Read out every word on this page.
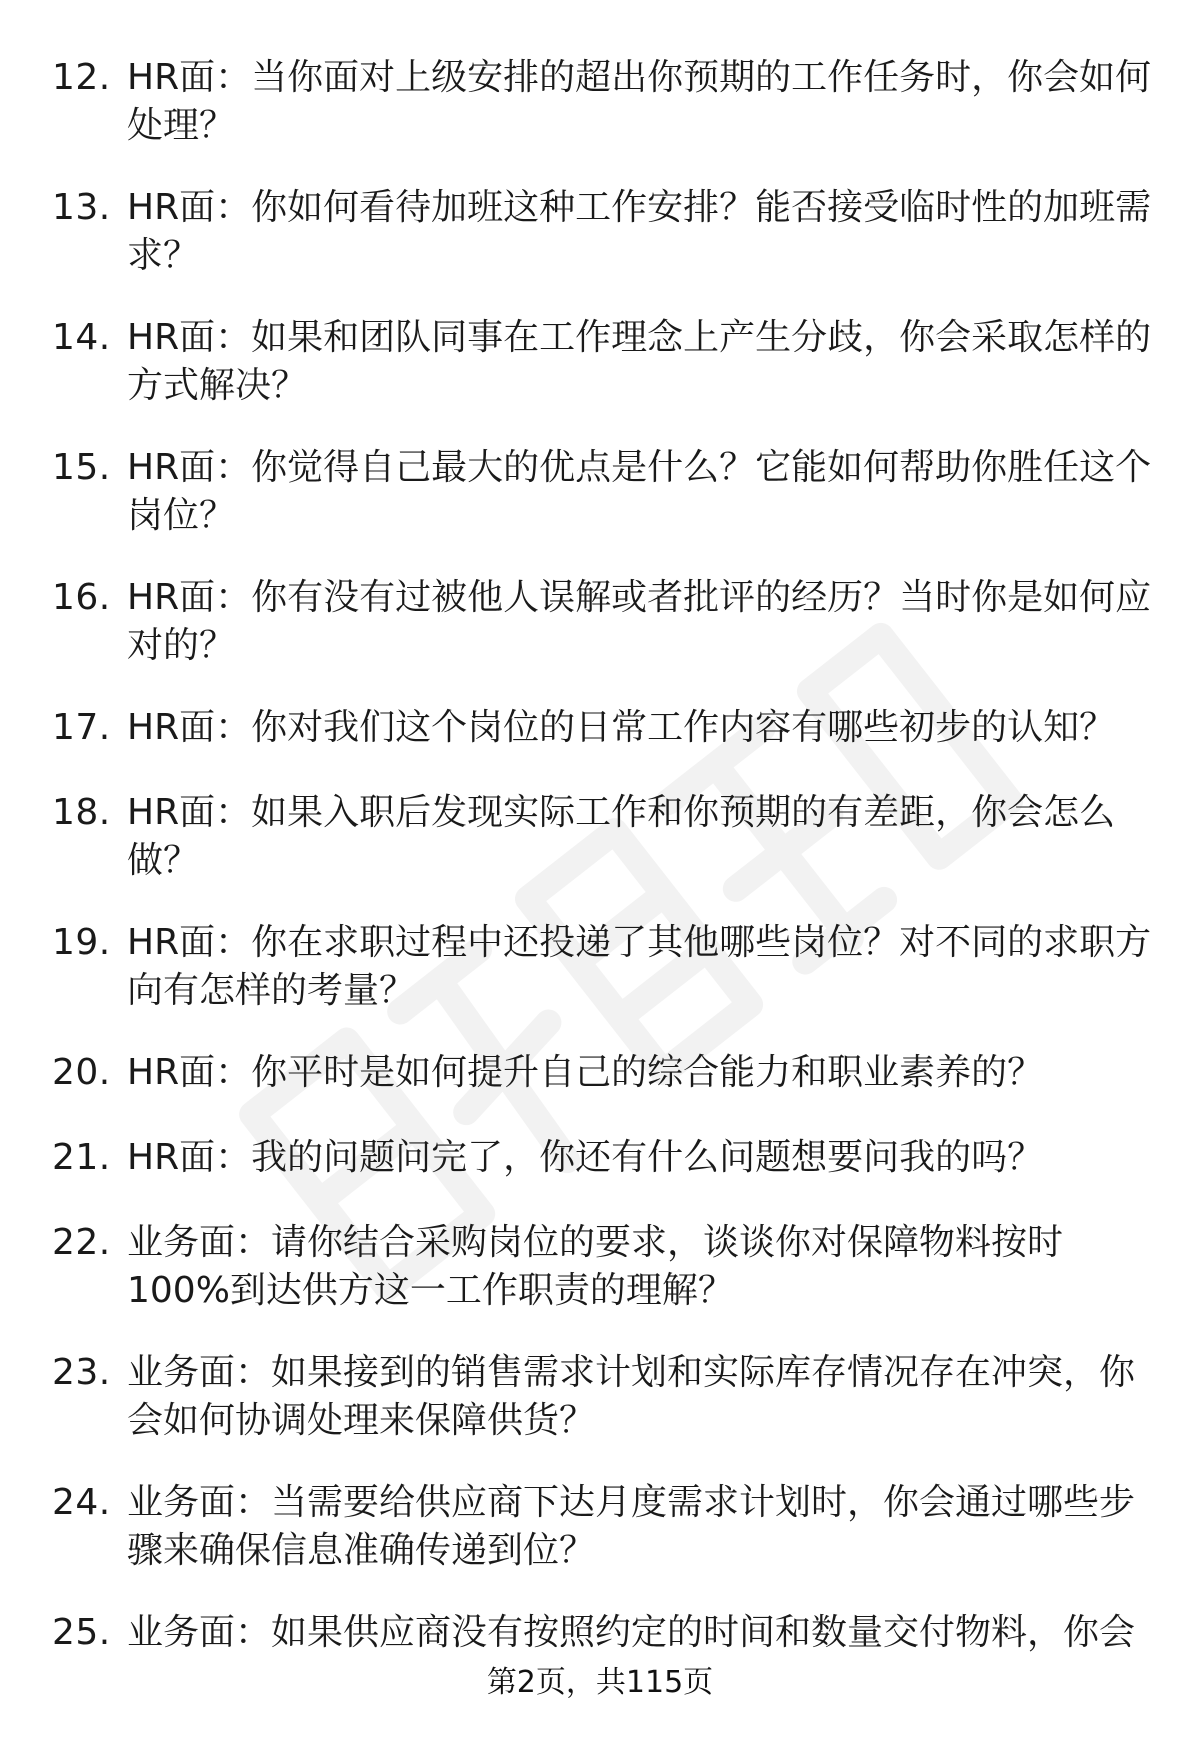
12. HR面：当你面对上级安排的超出你预期的工作任务时，你会如何
处理？
13. HR面：你如何看待加班这种工作安排？能否接受临时性的加班需
求？
14. HR面：如果和团队同事在工作理念上产生分歧，你会采取怎样的
方式解决？
15. HR面：你觉得自己最大的优点是什么？它能如何帮助你胜任这个
岗位？
16. HR面：你有没有过被他人误解或者批评的经历？当时你是如何应
对的？
17. HR面：你对我们这个岗位的日常工作内容有哪些初步的认知？
18. HR面：如果入职后发现实际工作和你预期的有差距，你会怎么
做？
19. HR面：你在求职过程中还投递了其他哪些岗位？对不同的求职方
向有怎样的考量？
20. HR面：你平时是如何提升自己的综合能力和职业素养的？
21. HR面：我的问题问完了，你还有什么问题想要问我的吗？
22. 业务面：请你结合采购岗位的要求，谈谈你对保障物料按时
100%到达供方这一工作职责的理解？
23. 业务面：如果接到的销售需求计划和实际库存情况存在冲突，你
会如何协调处理来保障供货？
24. 业务面：当需要给供应商下达月度需求计划时，你会通过哪些步
骤来确保信息准确传递到位？
25. 业务面：如果供应商没有按照约定的时间和数量交付物料，你会
第2页，共115页
